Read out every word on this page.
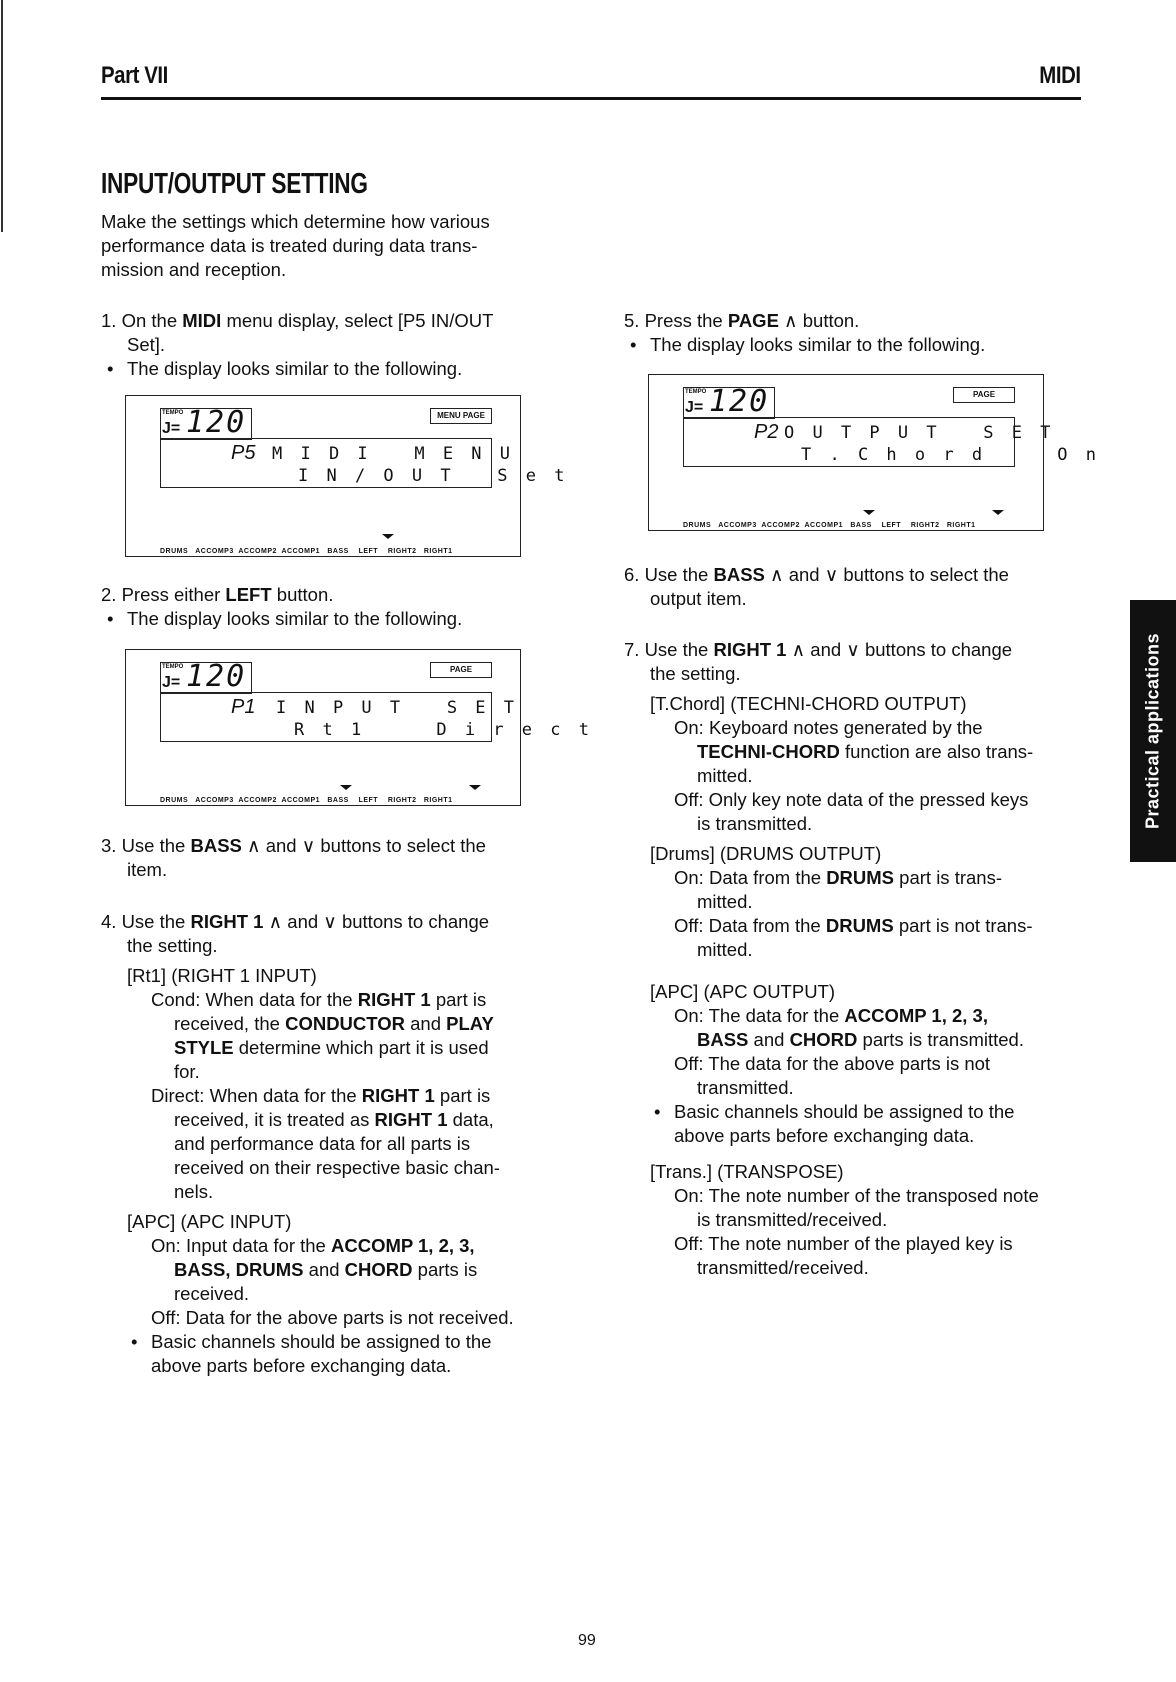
Part VII	MIDI
INPUT/OUTPUT SETTING
Make the settings which determine how various
performance data is treated during data trans-
mission and reception.
1. On the MIDI menu display, select [P5 IN/OUT
Set].
• The display looks similar to the following.
TEMPO
J= 120	MENU PAGE
P5 M I D I   M E N U
I N / O U T   S e t
DRUMS   ACCOMP3  ACCOMP2  ACCOMP1   BASS    LEFT    RIGHT2   RIGHT1
2. Press either LEFT button.
• The display looks similar to the following.
TEMPO
J= 120	PAGE
P1 I N P U T   S E T
R t 1     D i r e c t
DRUMS   ACCOMP3  ACCOMP2  ACCOMP1   BASS    LEFT    RIGHT2   RIGHT1
3. Use the BASS ∧ and ∨ buttons to select the
item.
4. Use the RIGHT 1 ∧ and ∨ buttons to change
the setting.
[Rt1] (RIGHT 1 INPUT)
Cond: When data for the RIGHT 1 part is
received, the CONDUCTOR and PLAY
STYLE determine which part it is used
for.
Direct: When data for the RIGHT 1 part is
received, it is treated as RIGHT 1 data,
and performance data for all parts is
received on their respective basic chan-
nels.
[APC] (APC INPUT)
On: Input data for the ACCOMP 1, 2, 3,
BASS, DRUMS and CHORD parts is
received.
Off: Data for the above parts is not received.
• Basic channels should be assigned to the
above parts before exchanging data.
5. Press the PAGE ∧ button.
• The display looks similar to the following.
TEMPO
J= 120	PAGE
P2 O U T P U T   S E T
T . C h o r d     O n
DRUMS   ACCOMP3  ACCOMP2  ACCOMP1   BASS    LEFT    RIGHT2   RIGHT1
6. Use the BASS ∧ and ∨ buttons to select the
output item.
7. Use the RIGHT 1 ∧ and ∨ buttons to change
the setting.
[T.Chord] (TECHNI-CHORD OUTPUT)
On: Keyboard notes generated by the
TECHNI-CHORD function are also trans-
mitted.
Off: Only key note data of the pressed keys
is transmitted.
[Drums] (DRUMS OUTPUT)
On: Data from the DRUMS part is trans-
mitted.
Off: Data from the DRUMS part is not trans-
mitted.
[APC] (APC OUTPUT)
On: The data for the ACCOMP 1, 2, 3,
BASS and CHORD parts is transmitted.
Off: The data for the above parts is not
transmitted.
• Basic channels should be assigned to the
above parts before exchanging data.
[Trans.] (TRANSPOSE)
On: The note number of the transposed note
is transmitted/received.
Off: The note number of the played key is
transmitted/received.
Practical applications
99
